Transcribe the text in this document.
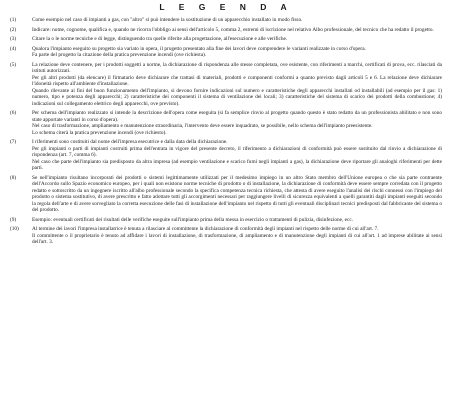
L E G E N D A
(1)	Come esempio nel caso di impianti a gas, con "altro" si può intendere la sostituzione di un apparecchio installato in modo fisso.

(2)	Indicare: nome, cognome, qualifica e, quando ne ricorra l'obbligo ai sensi dell'articolo 5, comma 2, estremi di iscrizione nel relativo Albo professionale, del tecnico che ha redatto il progetto.

(3)	Citare la o le norme tecniche e di legge, distinguendo tra quelle riferite alla progettazione, all'esecuzione e alle verifiche.

(4)	Qualora l'impianto eseguito su progetto sia variato in opera, il progetto presentato alla fine dei lavori deve comprendere le varianti realizzate in corso d'opera.

Fa parte del progetto la citazione della pratica prevenzione incendi (ove richiesta).

(5)	La relazione deve contenere, per i prodotti soggetti a norme, la dichiarazione di rispondenza alle stesse completata, ove esistente, con riferimenti a marchi, certificati di prova, ecc. rilasciati da istituti autorizzati.

Per gli altri prodotti (da elencare) il firmatario deve dichiarare che trattasi di materiali, prodotti e componenti conformi a quanto previsto dagli articoli 5 e 6. La relazione deve dichiarare l'idoneità rispetto all'ambiente d'installazione.

Quando rilevante ai fini del buon funzionamento dell'impianto, si devono fornire indicazioni sul numero e caratteristiche degli apparecchi installati od installabili (ad esempio per il gas: 1) numero, tipo e potenza degli apparecchi; 2) caratteristiche dei componenti il sistema di ventilazione dei locali; 3) caratteristiche del sistema di scarico dei prodotti della combustione; 4) indicazioni sul collegamento elettrico degli apparecchi, ove previsto).

(6)	Per schema dell'impianto realizzato si intende la descrizione dell'opera come eseguita (si fa semplice rinvio al progetto quando questo è stato redatto da un professionista abilitato e non sono state apportate varianti in corso d'opera).

Nel caso di trasformazione, ampliamento e manutenzione straordinaria, l'intervento deve essere inquadrato, se possibile, nello schema dell'impianto preesistente.

Lo schema citerà la pratica prevenzione incendi (ove richiesto).

(7)	I riferimenti sono costituiti dal nome dell'impresa esecutrice e dalla data della dichiarazione.

Per gli impianti o parti di impianti costruiti prima dell'entrata in vigore del presente decreto, il riferimento a dichiarazioni di conformità può essere sostituito dal rinvio a dichiarazione di rispondenza (art. 7, comma 6).

Nel caso che parte dell'impianto sia predisposto da altra impresa (ad esempio ventilazione e scarico fumi negli impianti a gas), la dichiarazione deve riportare gli analoghi riferimenti per dette parti.

(8)	Se nell'impianto risultano incorporati dei prodotti o sistemi legittimamente utilizzati per il medesimo impiego in un altro Stato membro dell'Unione europea o che sia parte contraente dell'Accordo sullo Spazio economico europeo, per i quali non esistono norme tecniche di prodotto o di installazione, la dichiarazione di conformità deve essere sempre corredata con il progetto redatto e sottoscritto da un ingegnere iscritto all'albo professionale secondo la specifica competenza tecnica richiesta, che attesta di avere eseguito l'analisi dei rischi connessi con l'impiego del prodotto o sistema sostitutivo, di avere prescritto e fatto adottare tutti gli accorgimenti necessari per raggiungere livelli di sicurezza equivalenti a quelli garantiti dagli impianti eseguiti secondo la regola dell'arte e di avere sorvegliato la corretta esecuzione delle fasi di installazione dell'impianto nel rispetto di tutti gli eventuali disciplinari tecnici predisposti dal fabbricante del sistema o del prodotto.

(9)	Esempio: eventuali certificati dei risultati delle verifiche eseguite sull'impianto prima della messa in esercizio o trattamenti di pulizia, disinfezione, ecc.

(10)	Al termine dei lavori l'impresa installatrice è tenuta a rilasciare al committente la dichiarazione di conformità degli impianti nel rispetto delle norme di cui all'art. 7.

Il committente o il proprietario è tenuto ad affidare i lavori di installazione, di trasformazione, di ampliamento e di manutenzione degli impianti di cui all'art. 1 ad imprese abilitate ai sensi dell'art. 3.
